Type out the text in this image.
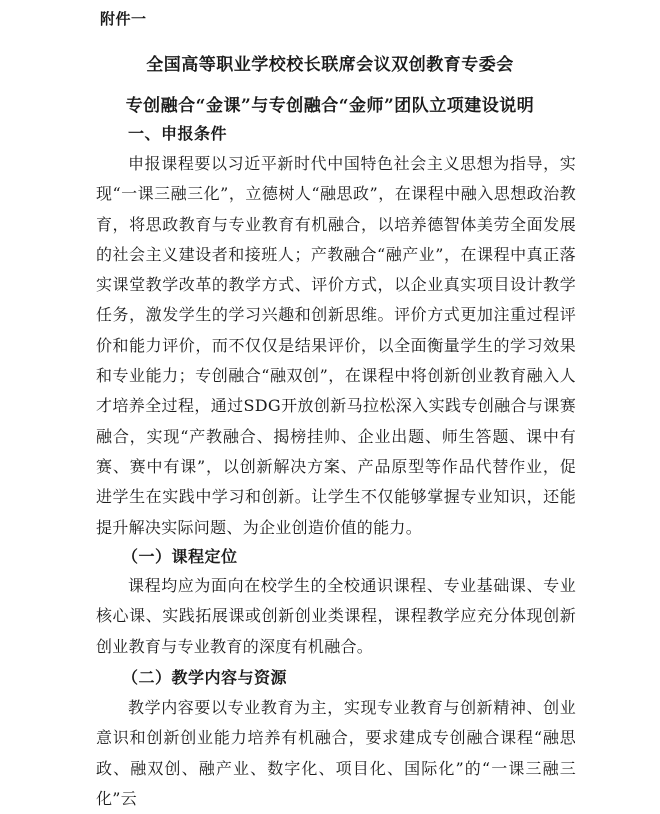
附件一
全国高等职业学校校长联席会议双创教育专委会
专创融合“金课”与专创融合“金师”团队立项建设说明
一、申报条件

申报课程要以习近平新时代中国特色社会主义思想为指导，实现“一课三融三化”，立德树人“融思政”，在课程中融入思想政治教育，将思政教育与专业教育有机融合，以培养德智体美劳全面发展的社会主义建设者和接班人；产教融合“融产业”，在课程中真正落实课堂教学改革的教学方式、评价方式，以企业真实项目设计教学任务，激发学生的学习兴趣和创新思维。评价方式更加注重过程评价和能力评价，而不仅仅是结果评价，以全面衡量学生的学习效果和专业能力；专创融合“融双创”，在课程中将创新创业教育融入人才培养全过程，通过SDG开放创新马拉松深入实践专创融合与课赛融合，实现“产教融合、揭榜挂帅、企业出题、师生答题、课中有赛、赛中有课”，以创新解决方案、产品原型等作品代替作业，促进学生在实践中学习和创新。让学生不仅能够掌握专业知识，还能提升解决实际问题、为企业创造价值的能力。

（一）课程定位

课程均应为面向在校学生的全校通识课程、专业基础课、专业核心课、实践拓展课或创新创业类课程，课程教学应充分体现创新创业教育与专业教育的深度有机融合。

（二）教学内容与资源

教学内容要以专业教育为主，实现专业教育与创新精神、创业意识和创新创业能力培养有机融合，要求建成专创融合课程“融思政、融双创、融产业、数字化、项目化、国际化”的“一课三融三化”云
